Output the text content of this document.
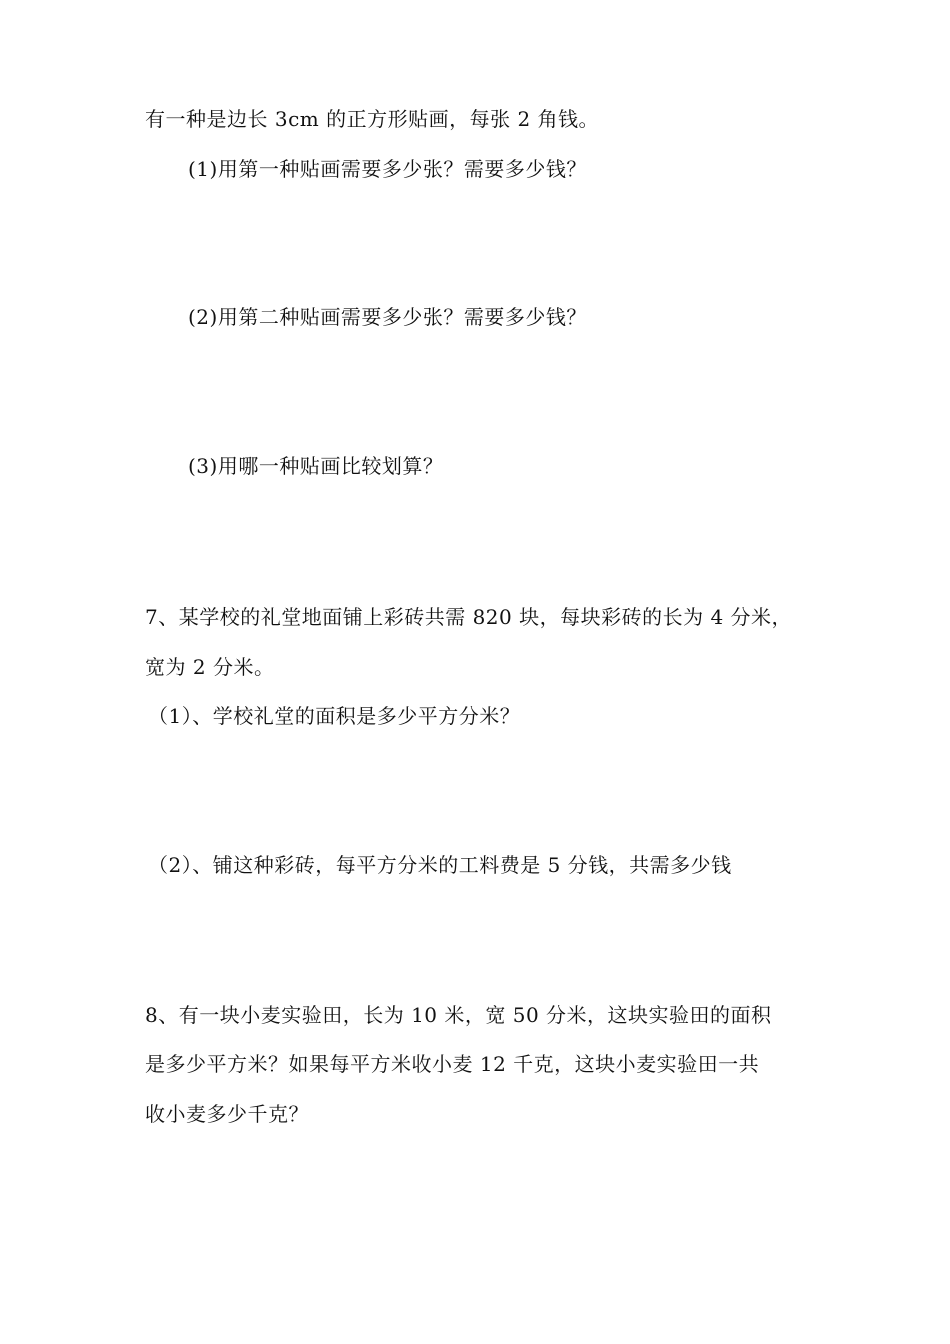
有一种是边长 3cm 的正方形贴画，每张 2 角钱。
(1)用第一种贴画需要多少张？需要多少钱？
(2)用第二种贴画需要多少张？需要多少钱？
(3)用哪一种贴画比较划算？
7、某学校的礼堂地面铺上彩砖共需 820 块，每块彩砖的长为 4 分米，
宽为 2 分米。
（1）、学校礼堂的面积是多少平方分米？
（2）、铺这种彩砖，每平方分米的工料费是 5 分钱，共需多少钱
8、有一块小麦实验田，长为 10 米，宽 50 分米，这块实验田的面积
是多少平方米？如果每平方米收小麦 12 千克，这块小麦实验田一共
收小麦多少千克？
